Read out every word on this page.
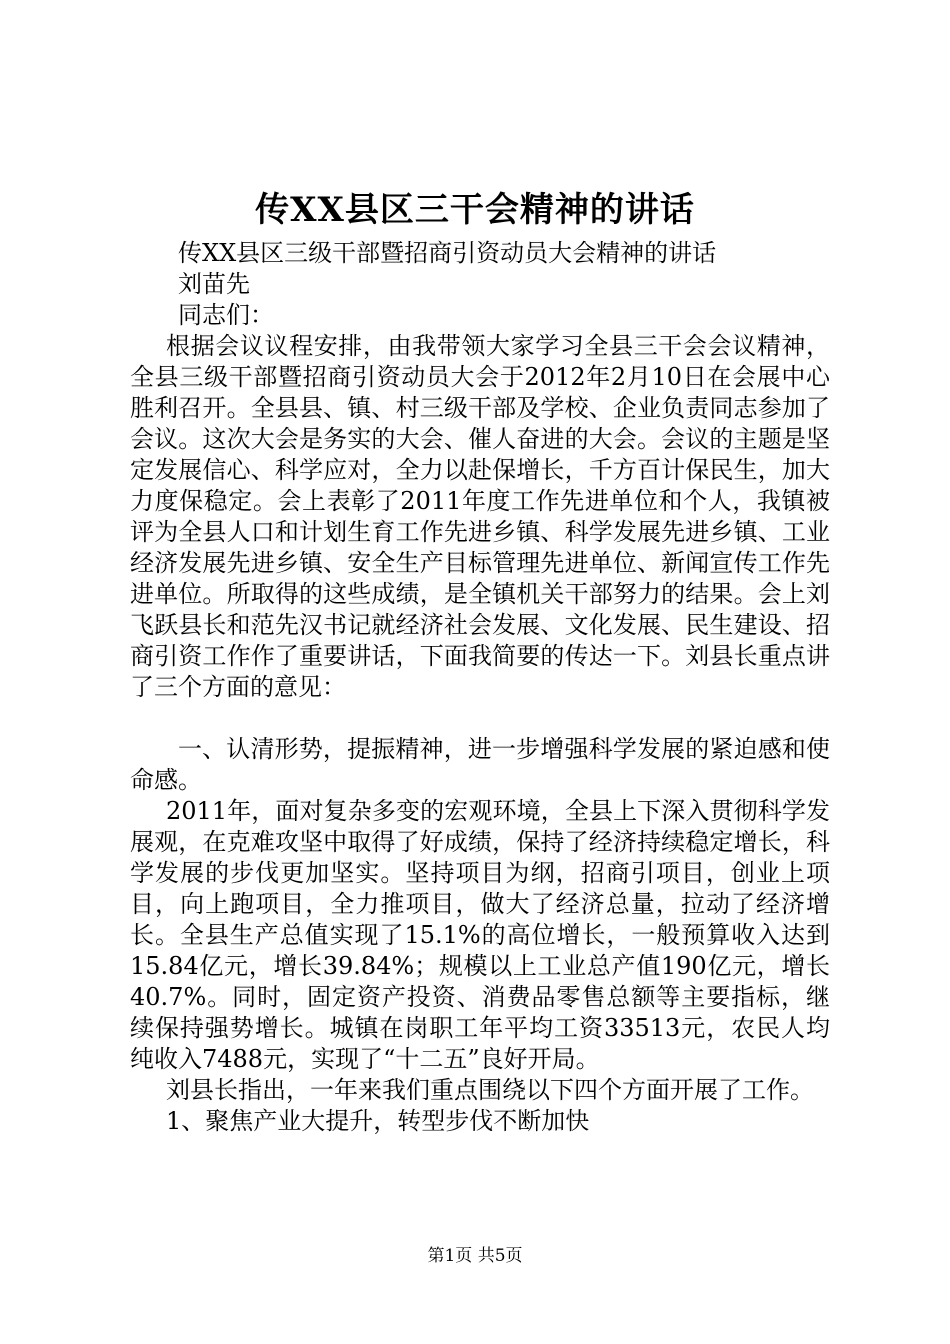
传XX县区三干会精神的讲话

传XX县区三级干部暨招商引资动员大会精神的讲话

刘苗先

同志们：

根据会议议程安排，由我带领大家学习全县三干会会议精神，全县三级干部暨招商引资动员大会于2012年2月10日在会展中心胜利召开。全县县、镇、村三级干部及学校、企业负责同志参加了会议。这次大会是务实的大会、催人奋进的大会。会议的主题是坚定发展信心、科学应对，全力以赴保增长，千方百计保民生，加大力度保稳定。会上表彰了2011年度工作先进单位和个人，我镇被评为全县人口和计划生育工作先进乡镇、科学发展先进乡镇、工业经济发展先进乡镇、安全生产目标管理先进单位、新闻宣传工作先进单位。所取得的这些成绩，是全镇机关干部努力的结果。会上刘飞跃县长和范先汉书记就经济社会发展、文化发展、民生建设、招商引资工作作了重要讲话，下面我简要的传达一下。刘县长重点讲了三个方面的意见：

一、认清形势，提振精神，进一步增强科学发展的紧迫感和使命感。

2011年，面对复杂多变的宏观环境，全县上下深入贯彻科学发展观，在克难攻坚中取得了好成绩，保持了经济持续稳定增长，科学发展的步伐更加坚实。坚持项目为纲，招商引项目，创业上项目，向上跑项目，全力推项目，做大了经济总量，拉动了经济增长。全县生产总值实现了15.1%的高位增长，一般预算收入达到15.84亿元，增长39.84%；规模以上工业总产值190亿元，增长40.7%。同时，固定资产投资、消费品零售总额等主要指标，继续保持强势增长。城镇在岗职工年平均工资33513元，农民人均纯收入7488元，实现了“十二五”良好开局。

刘县长指出，一年来我们重点围绕以下四个方面开展了工作。

1、聚焦产业大提升，转型步伐不断加快

第1页 共5页
